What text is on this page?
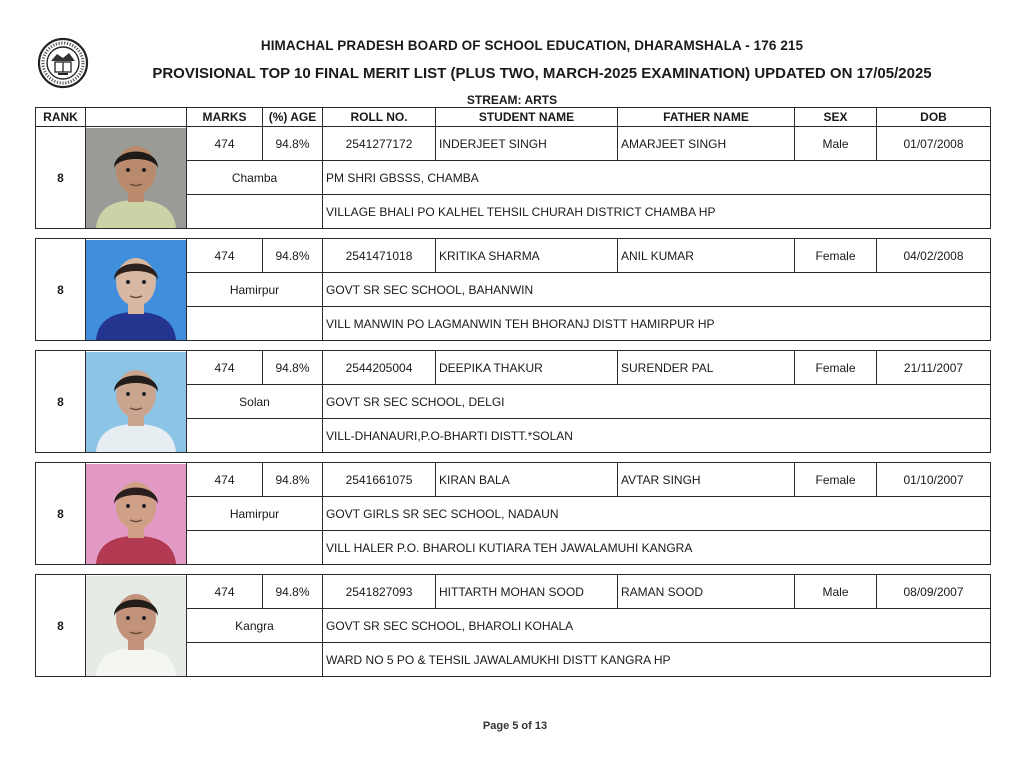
HIMACHAL PRADESH BOARD OF SCHOOL EDUCATION, DHARAMSHALA - 176 215
PROVISIONAL TOP 10 FINAL MERIT LIST (PLUS TWO, MARCH-2025 EXAMINATION) UPDATED ON 17/05/2025
STREAM: ARTS
RANK		MARKS	(%) AGE	ROLL NO.	STUDENT NAME	FATHER NAME	SEX	DOB
8		474	94.8%	2541277172	INDERJEET SINGH	AMARJEET SINGH	Male	01/07/2008
		Chamba		PM SHRI GBSSS, CHAMBA				
				VILLAGE BHALI PO KALHEL TEHSIL CHURAH DISTRICT CHAMBA HP				
8		474	94.8%	2541471018	KRITIKA SHARMA	ANIL KUMAR	Female	04/02/2008
		Hamirpur		GOVT SR SEC SCHOOL, BAHANWIN				
				VILL MANWIN PO LAGMANWIN TEH BHORANJ DISTT HAMIRPUR HP				
8		474	94.8%	2544205004	DEEPIKA THAKUR	SURENDER PAL	Female	21/11/2007
		Solan		GOVT SR SEC SCHOOL, DELGI				
				VILL-DHANAURI,P.O-BHARTI DISTT.*SOLAN				
8		474	94.8%	2541661075	KIRAN BALA	AVTAR SINGH	Female	01/10/2007
		Hamirpur		GOVT GIRLS SR SEC SCHOOL, NADAUN				
				VILL HALER P.O. BHAROLI KUTIARA TEH JAWALAMUHI KANGRA				
8		474	94.8%	2541827093	HITTARTH MOHAN SOOD	RAMAN SOOD	Male	08/09/2007
		Kangra		GOVT SR SEC SCHOOL, BHAROLI KOHALA				
				WARD NO 5 PO & TEHSIL JAWALAMUKHI DISTT KANGRA HP				
Page 5 of 13
